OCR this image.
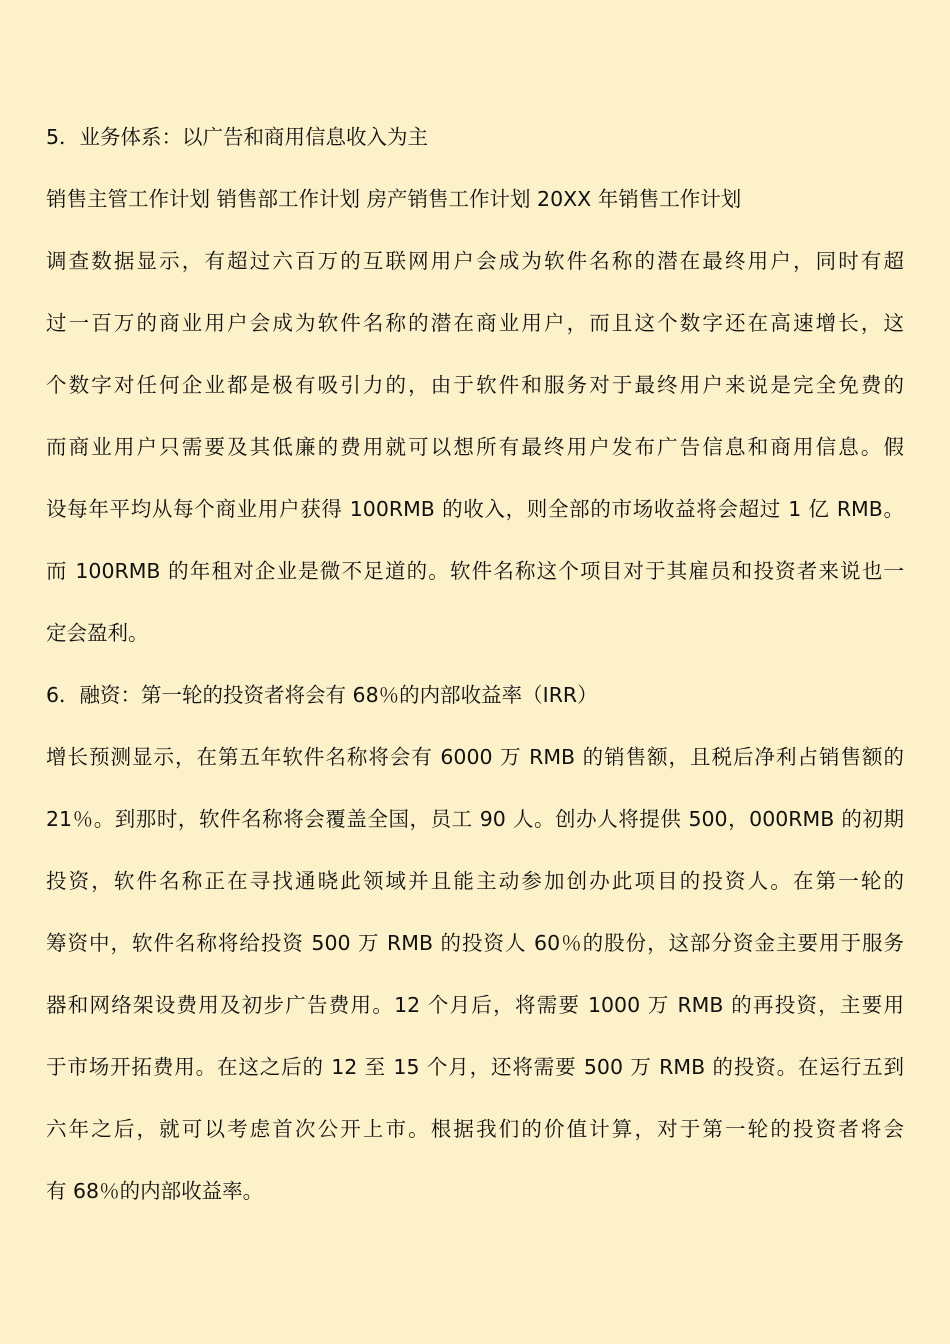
5．业务体系：以广告和商用信息收入为主
销售主管工作计划 销售部工作计划 房产销售工作计划 20XX 年销售工作计划
调查数据显示，有超过六百万的互联网用户会成为软件名称的潜在最终用户，同时有超
过一百万的商业用户会成为软件名称的潜在商业用户，而且这个数字还在高速增长，这
个数字对任何企业都是极有吸引力的，由于软件和服务对于最终用户来说是完全免费的
而商业用户只需要及其低廉的费用就可以想所有最终用户发布广告信息和商用信息。假
设每年平均从每个商业用户获得 100RMB 的收入，则全部的市场收益将会超过 1 亿 RMB。
而 100RMB 的年租对企业是微不足道的。软件名称这个项目对于其雇员和投资者来说也一
定会盈利。
6．融资：第一轮的投资者将会有 68％的内部收益率（IRR）
增长预测显示，在第五年软件名称将会有 6000 万 RMB 的销售额，且税后净利占销售额的
21％。到那时，软件名称将会覆盖全国，员工 90 人。创办人将提供 500，000RMB 的初期
投资，软件名称正在寻找通晓此领域并且能主动参加创办此项目的投资人。在第一轮的
筹资中，软件名称将给投资 500 万 RMB 的投资人 60％的股份，这部分资金主要用于服务
器和网络架设费用及初步广告费用。12 个月后，将需要 1000 万 RMB 的再投资，主要用
于市场开拓费用。在这之后的 12 至 15 个月，还将需要 500 万 RMB 的投资。在运行五到
六年之后，就可以考虑首次公开上市。根据我们的价值计算，对于第一轮的投资者将会
有 68％的内部收益率。
